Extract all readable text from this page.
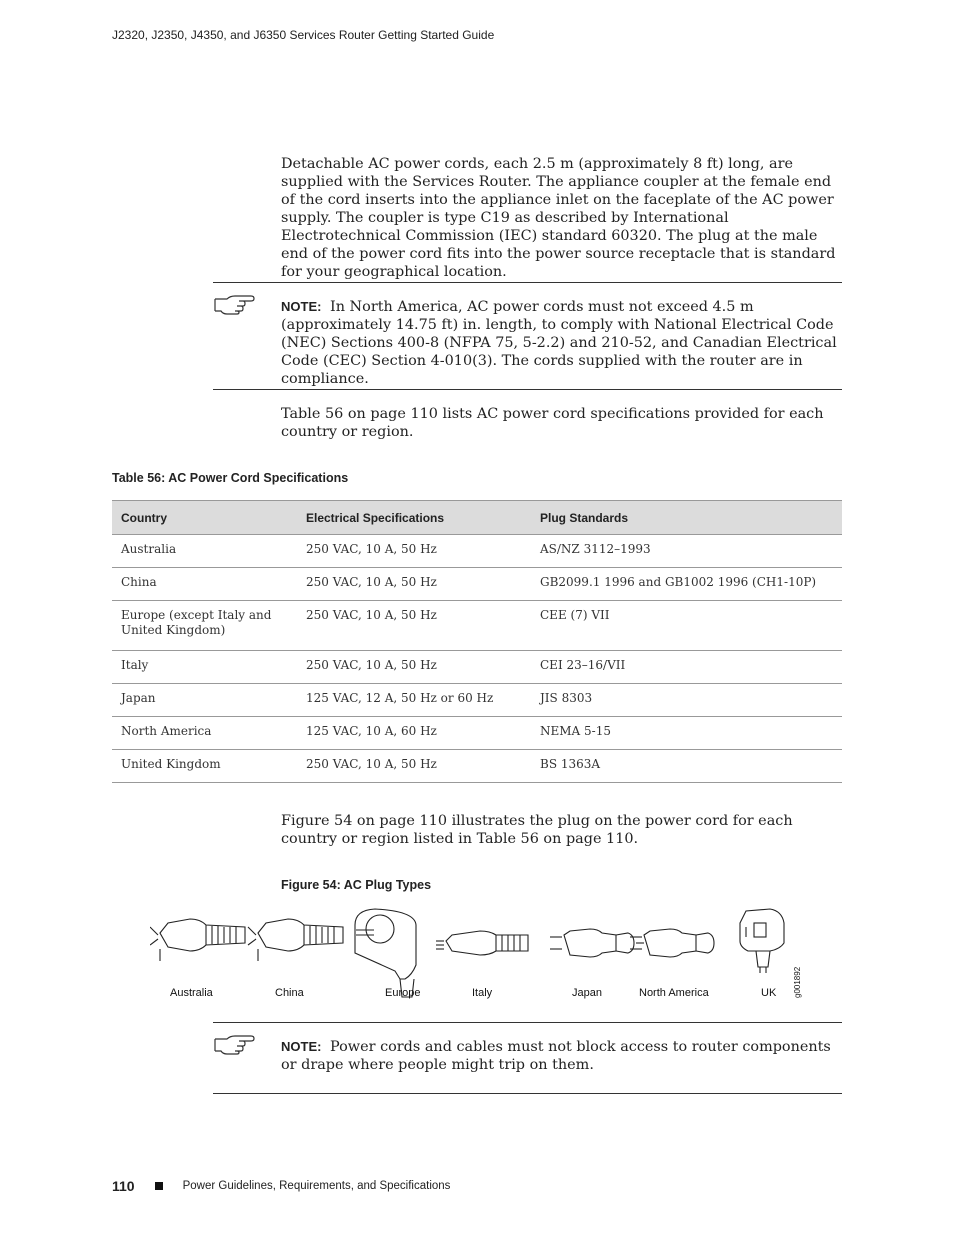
J2320, J2350, J4350, and J6350 Services Router Getting Started Guide
Detachable AC power cords, each 2.5 m (approximately 8 ft) long, are supplied with the Services Router. The appliance coupler at the female end of the cord inserts into the appliance inlet on the faceplate of the AC power supply. The coupler is type C19 as described by International Electrotechnical Commission (IEC) standard 60320. The plug at the male end of the power cord fits into the power source receptacle that is standard for your geographical location.
NOTE: In North America, AC power cords must not exceed 4.5 m (approximately 14.75 ft) in. length, to comply with National Electrical Code (NEC) Sections 400-8 (NFPA 75, 5-2.2) and 210-52, and Canadian Electrical Code (CEC) Section 4-010(3). The cords supplied with the router are in compliance.
Table 56 on page 110 lists AC power cord specifications provided for each country or region.
Table 56: AC Power Cord Specifications
Country	Electrical Specifications	Plug Standards
Australia	250 VAC, 10 A, 50 Hz	AS/NZ 3112–1993
China	250 VAC, 10 A, 50 Hz	GB2099.1 1996 and GB1002 1996 (CH1-10P)
Europe (except Italy and United Kingdom)	250 VAC, 10 A, 50 Hz	CEE (7) VII
Italy	250 VAC, 10 A, 50 Hz	CEI 23–16/VII
Japan	125 VAC, 12 A, 50 Hz or 60 Hz	JIS 8303
North America	125 VAC, 10 A, 60 Hz	NEMA 5-15
United Kingdom	250 VAC, 10 A, 50 Hz	BS 1363A
Figure 54 on page 110 illustrates the plug on the power cord for each country or region listed in Table 56 on page 110.
Figure 54: AC Plug Types
Australia	China	Europe	Italy	Japan	North America	UK g001892
NOTE: Power cords and cables must not block access to router components or drape where people might trip on them.
110	Power Guidelines, Requirements, and Specifications
